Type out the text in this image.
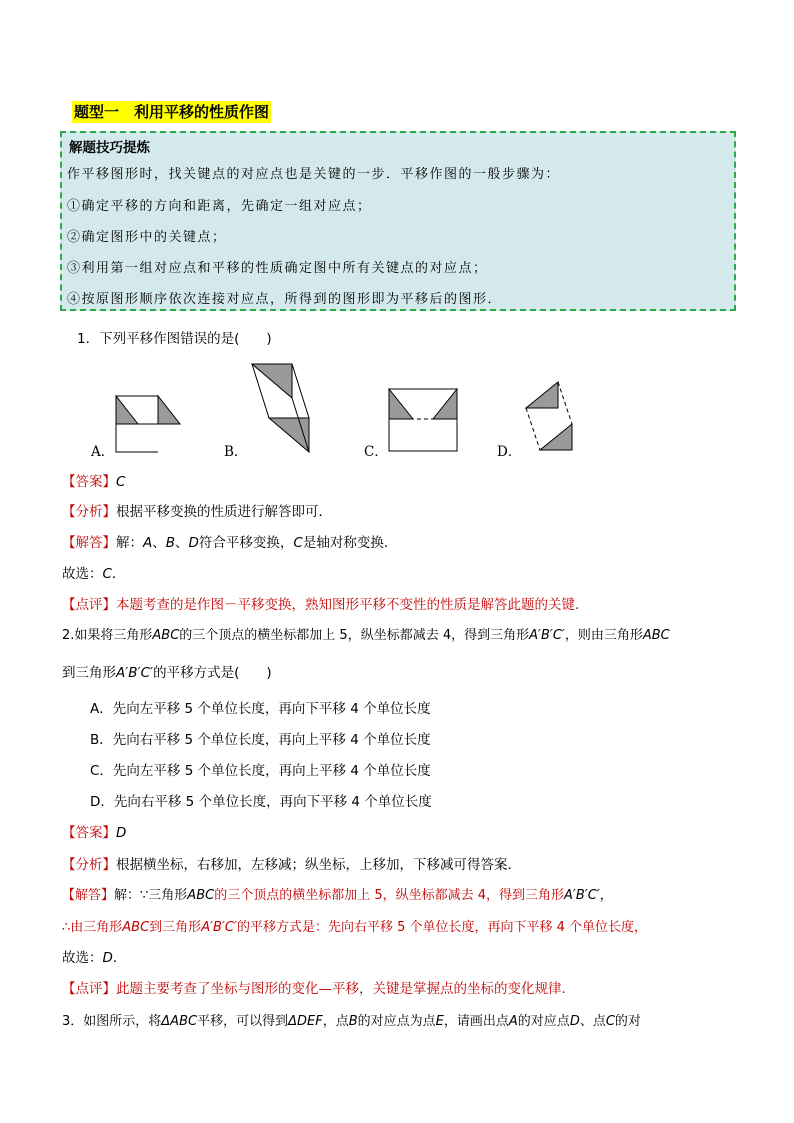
题型一　利用平移的性质作图
解题技巧提炼
作平移图形时，找关键点的对应点也是关键的一步．平移作图的一般步骤为：
①确定平移的方向和距离，先确定一组对应点；
②确定图形中的关键点；
③利用第一组对应点和平移的性质确定图中所有关键点的对应点；
④按原图形顺序依次连接对应点，所得到的图形即为平移后的图形．
1．下列平移作图错误的是(　　)
A．	B．	C．	D．
【答案】C
【分析】根据平移变换的性质进行解答即可．
【解答】解：A、B、D符合平移变换，C是轴对称变换．
故选：C．
【点评】本题考查的是作图－平移变换，熟知图形平移不变性的性质是解答此题的关键．
2.如果将三角形ABC的三个顶点的横坐标都加上 5，纵坐标都减去 4，得到三角形A′B′C′，则由三角形ABC
到三角形A′B′C′的平移方式是(　　)
A．先向左平移 5 个单位长度，再向下平移 4 个单位长度
B．先向右平移 5 个单位长度，再向上平移 4 个单位长度
C．先向左平移 5 个单位长度，再向上平移 4 个单位长度
D．先向右平移 5 个单位长度，再向下平移 4 个单位长度
【答案】D
【分析】根据横坐标，右移加，左移减；纵坐标，上移加，下移减可得答案．
【解答】解：∵三角形ABC的三个顶点的横坐标都加上 5，纵坐标都减去 4，得到三角形A′B′C′，
∴由三角形ABC到三角形A′B′C′的平移方式是：先向右平移 5 个单位长度，再向下平移 4 个单位长度，
故选：D．
【点评】此题主要考查了坐标与图形的变化—平移，关键是掌握点的坐标的变化规律．
3．如图所示，将ΔABC平移，可以得到ΔDEF，点B的对应点为点E，请画出点A的对应点D、点C的对
